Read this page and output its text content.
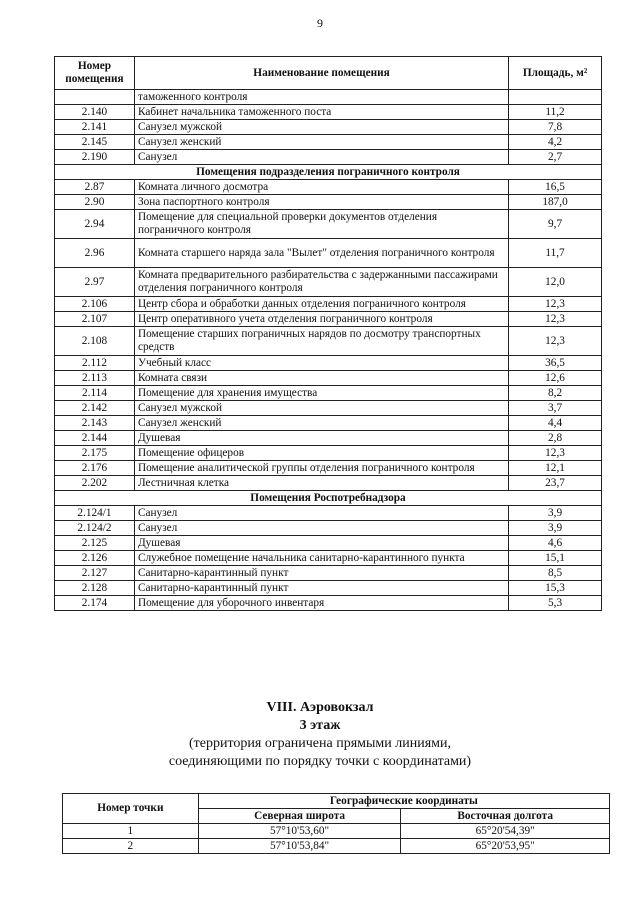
9
Номер
помещения	Наименование помещения	Площадь, м²
	таможенного контроля	
2.140	Кабинет начальника таможенного поста	11,2
2.141	Санузел мужской	7,8
2.145	Санузел женский	4,2
2.190	Санузел	2,7
Помещения подразделения пограничного контроля		
2.87	Комната личного досмотра	16,5
2.90	Зона паспортного контроля	187,0
2.94	Помещение для специальной проверки документов отделения пограничного контроля	9,7
2.96	Комната старшего наряда зала "Вылет" отделения пограничного контроля	11,7
2.97	Комната предварительного разбирательства с задержанными пассажирами отделения пограничного контроля	12,0
2.106	Центр сбора и обработки данных отделения пограничного контроля	12,3
2.107	Центр оперативного учета отделения пограничного контроля	12,3
2.108	Помещение старших пограничных нарядов по досмотру транспортных средств	12,3
2.112	Учебный класс	36,5
2.113	Комната связи	12,6
2.114	Помещение для хранения имущества	8,2
2.142	Санузел мужской	3,7
2.143	Санузел женский	4,4
2.144	Душевая	2,8
2.175	Помещение офицеров	12,3
2.176	Помещение аналитической группы отделения пограничного контроля	12,1
2.202	Лестничная клетка	23,7
Помещения Роспотребнадзора		
2.124/1	Санузел	3,9
2.124/2	Санузел	3,9
2.125	Душевая	4,6
2.126	Служебное помещение начальника санитарно-карантинного пункта	15,1
2.127	Санитарно-карантинный пункт	8,5
2.128	Санитарно-карантинный пункт	15,3
2.174	Помещение для уборочного инвентаря	5,3
VIII. Аэровокзал
3 этаж
(территория ограничена прямыми линиями,
соединяющими по порядку точки с координатами)
Номер точки	Географические координаты	
	Северная широта	Восточная долгота
1	57°10'53,60"	65°20'54,39"
2	57°10'53,84"	65°20'53,95"
